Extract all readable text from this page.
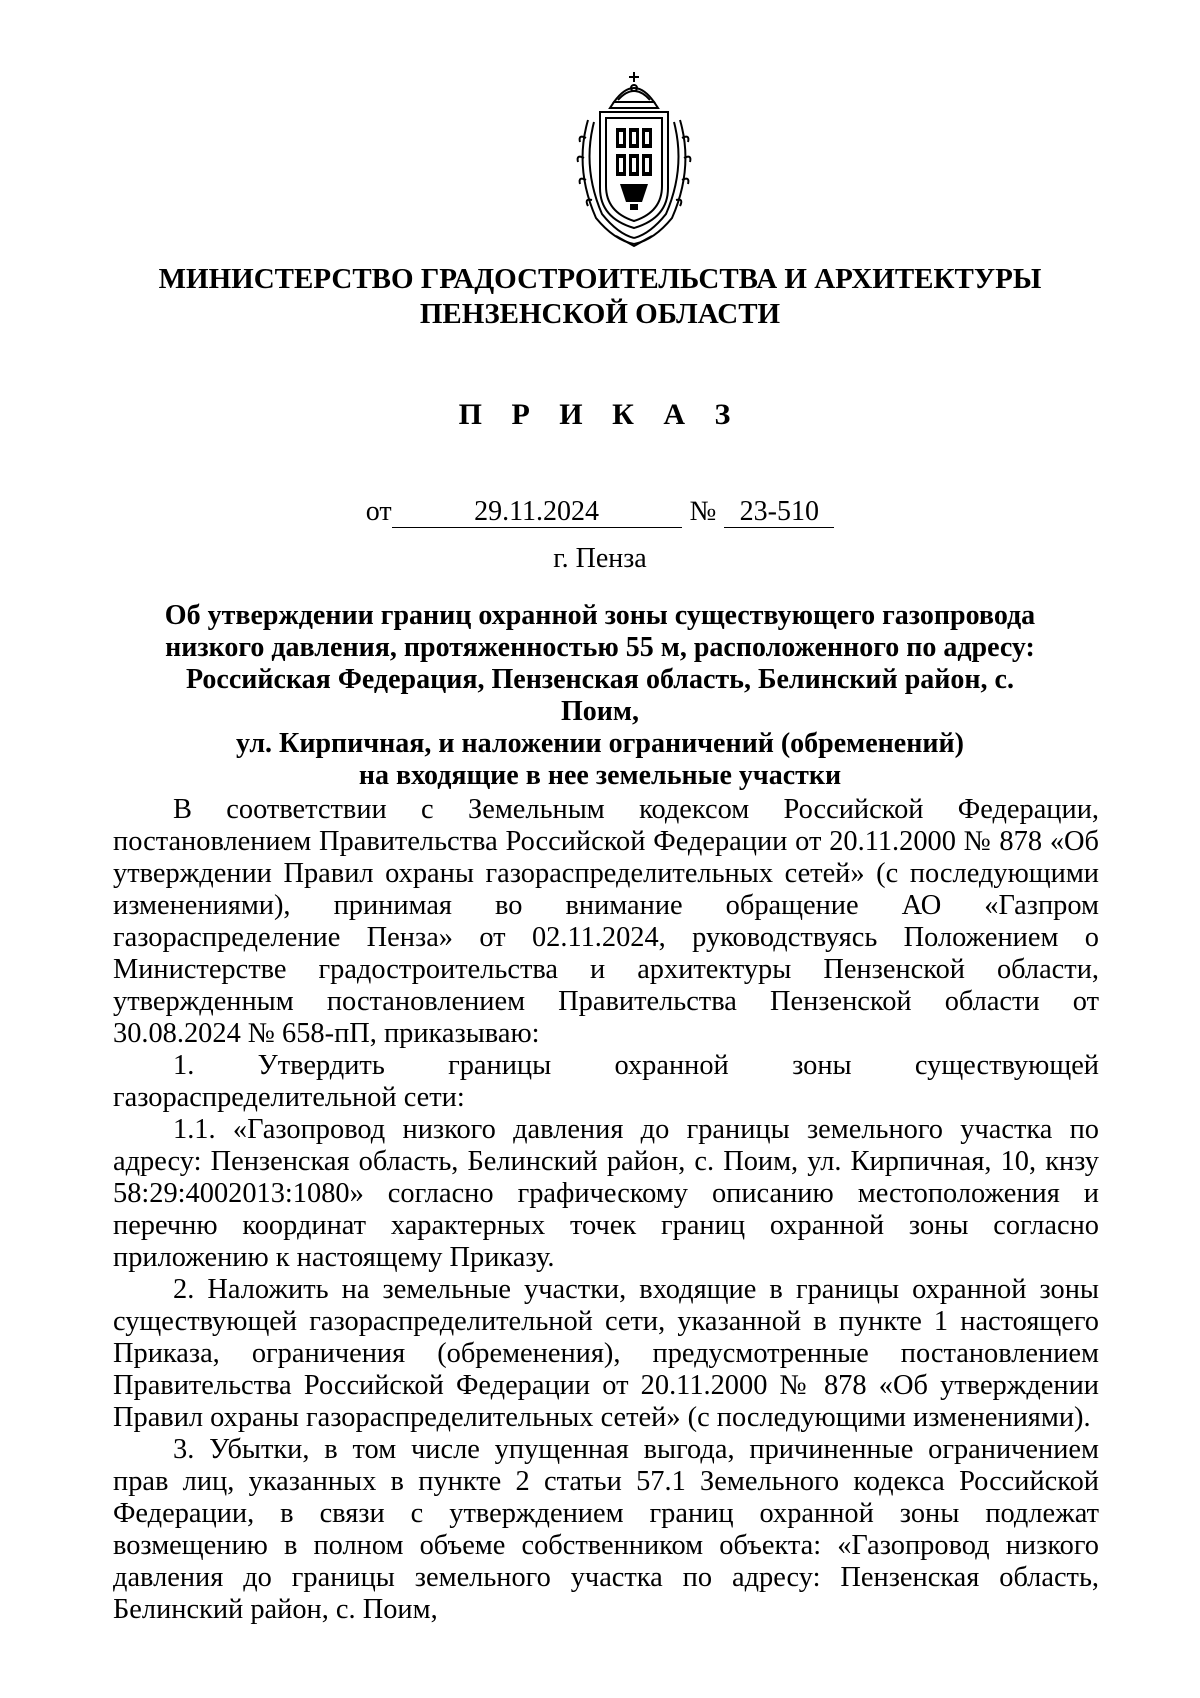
МИНИСТЕРСТВО ГРАДОСТРОИТЕЛЬСТВА И АРХИТЕКТУРЫ
ПЕНЗЕНСКОЙ ОБЛАСТИ
П Р И К А З
от	29.11.2024	№ 23-510
г. Пенза
Об утверждении границ охранной зоны существующего газопровода
низкого давления, протяженностью 55 м, расположенного по адресу:
Российская Федерация, Пензенская область, Белинский район, с. Поим,
ул. Кирпичная, и наложении ограничений (обременений)
на входящие в нее земельные участки

В соответствии с Земельным кодексом Российской Федерации, постановлением Правительства Российской Федерации от 20.11.2000 № 878 «Об утверждении Правил охраны газораспределительных сетей» (с последующими изменениями), принимая во внимание обращение АО «Газпром газораспределение Пенза» от 02.11.2024, руководствуясь Положением о Министерстве градостроительства и архитектуры Пензенской области, утвержденным постановлением Правительства Пензенской области от 30.08.2024 № 658-пП, приказываю:

1. Утвердить границы охранной зоны существующей газораспределительной сети:

1.1. «Газопровод низкого давления до границы земельного участка по адресу: Пензенская область, Белинский район, с. Поим, ул. Кирпичная, 10, кнзу 58:29:4002013:1080» согласно графическому описанию местоположения и перечню координат характерных точек границ охранной зоны согласно приложению к настоящему Приказу.

2. Наложить на земельные участки, входящие в границы охранной зоны существующей газораспределительной сети, указанной в пункте 1 настоящего Приказа, ограничения (обременения), предусмотренные постановлением Правительства Российской Федерации от 20.11.2000 № 878 «Об утверждении Правил охраны газораспределительных сетей» (с последующими изменениями).

3. Убытки, в том числе упущенная выгода, причиненные ограничением прав лиц, указанных в пункте 2 статьи 57.1 Земельного кодекса Российской Федерации, в связи с утверждением границ охранной зоны подлежат возмещению в полном объеме собственником объекта: «Газопровод низкого давления до границы земельного участка по адресу: Пензенская область, Белинский район, с. Поим,
